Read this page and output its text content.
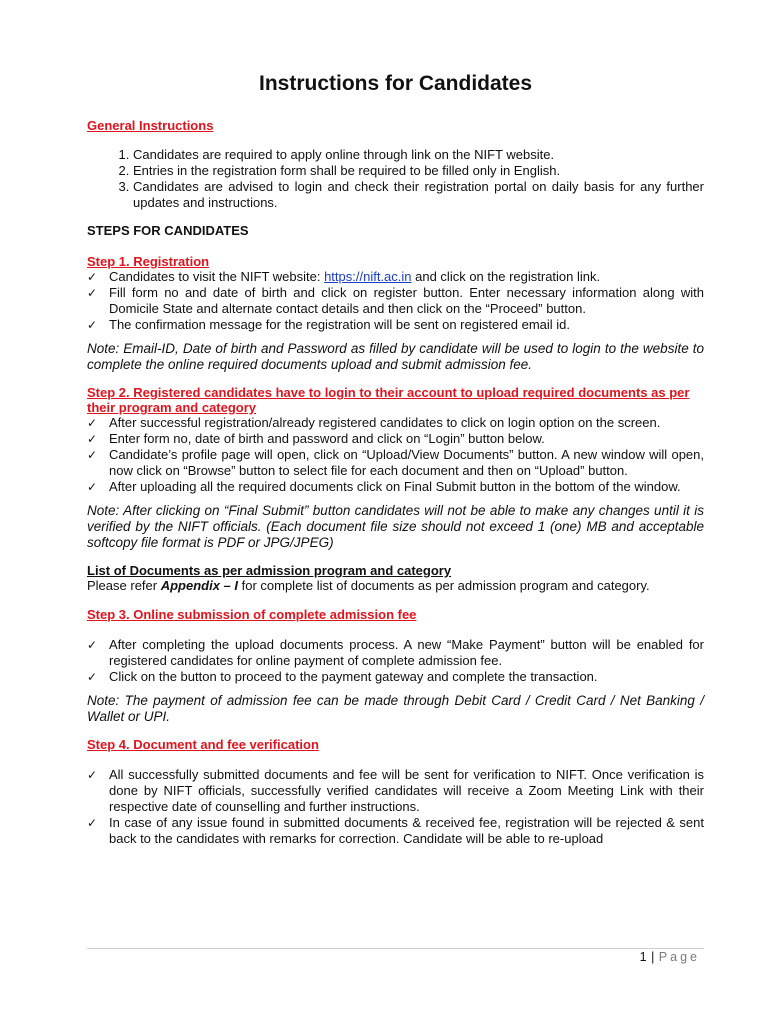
Instructions for Candidates
General Instructions
1. Candidates are required to apply online through link on the NIFT website.
2. Entries in the registration form shall be required to be filled only in English.
3. Candidates are advised to login and check their registration portal on daily basis for any further updates and instructions.
STEPS FOR CANDIDATES
Step 1. Registration
✓ Candidates to visit the NIFT website: https://nift.ac.in and click on the registration link.
✓ Fill form no and date of birth and click on register button. Enter necessary information along with Domicile State and alternate contact details and then click on the “Proceed” button.
✓ The confirmation message for the registration will be sent on registered email id.
Note: Email-ID, Date of birth and Password as filled by candidate will be used to login to the website to complete the online required documents upload and submit admission fee.
Step 2. Registered candidates have to login to their account to upload required documents as per their program and category
✓ After successful registration/already registered candidates to click on login option on the screen.
✓ Enter form no, date of birth and password and click on “Login” button below.
✓ Candidate’s profile page will open, click on “Upload/View Documents” button. A new window will open, now click on “Browse” button to select file for each document and then on “Upload” button.
✓ After uploading all the required documents click on Final Submit button in the bottom of the window.
Note: After clicking on “Final Submit” button candidates will not be able to make any changes until it is verified by the NIFT officials. (Each document file size should not exceed 1 (one) MB and acceptable softcopy file format is PDF or JPG/JPEG)
List of Documents as per admission program and category
Please refer Appendix – I for complete list of documents as per admission program and category.
Step 3. Online submission of complete admission fee
✓ After completing the upload documents process. A new “Make Payment” button will be enabled for registered candidates for online payment of complete admission fee.
✓ Click on the button to proceed to the payment gateway and complete the transaction.
Note: The payment of admission fee can be made through Debit Card / Credit Card / Net Banking / Wallet or UPI.
Step 4. Document and fee verification
✓ All successfully submitted documents and fee will be sent for verification to NIFT. Once verification is done by NIFT officials, successfully verified candidates will receive a Zoom Meeting Link with their respective date of counselling and further instructions.
✓ In case of any issue found in submitted documents & received fee, registration will be rejected & sent back to the candidates with remarks for correction. Candidate will be able to re-upload
1 | Page
